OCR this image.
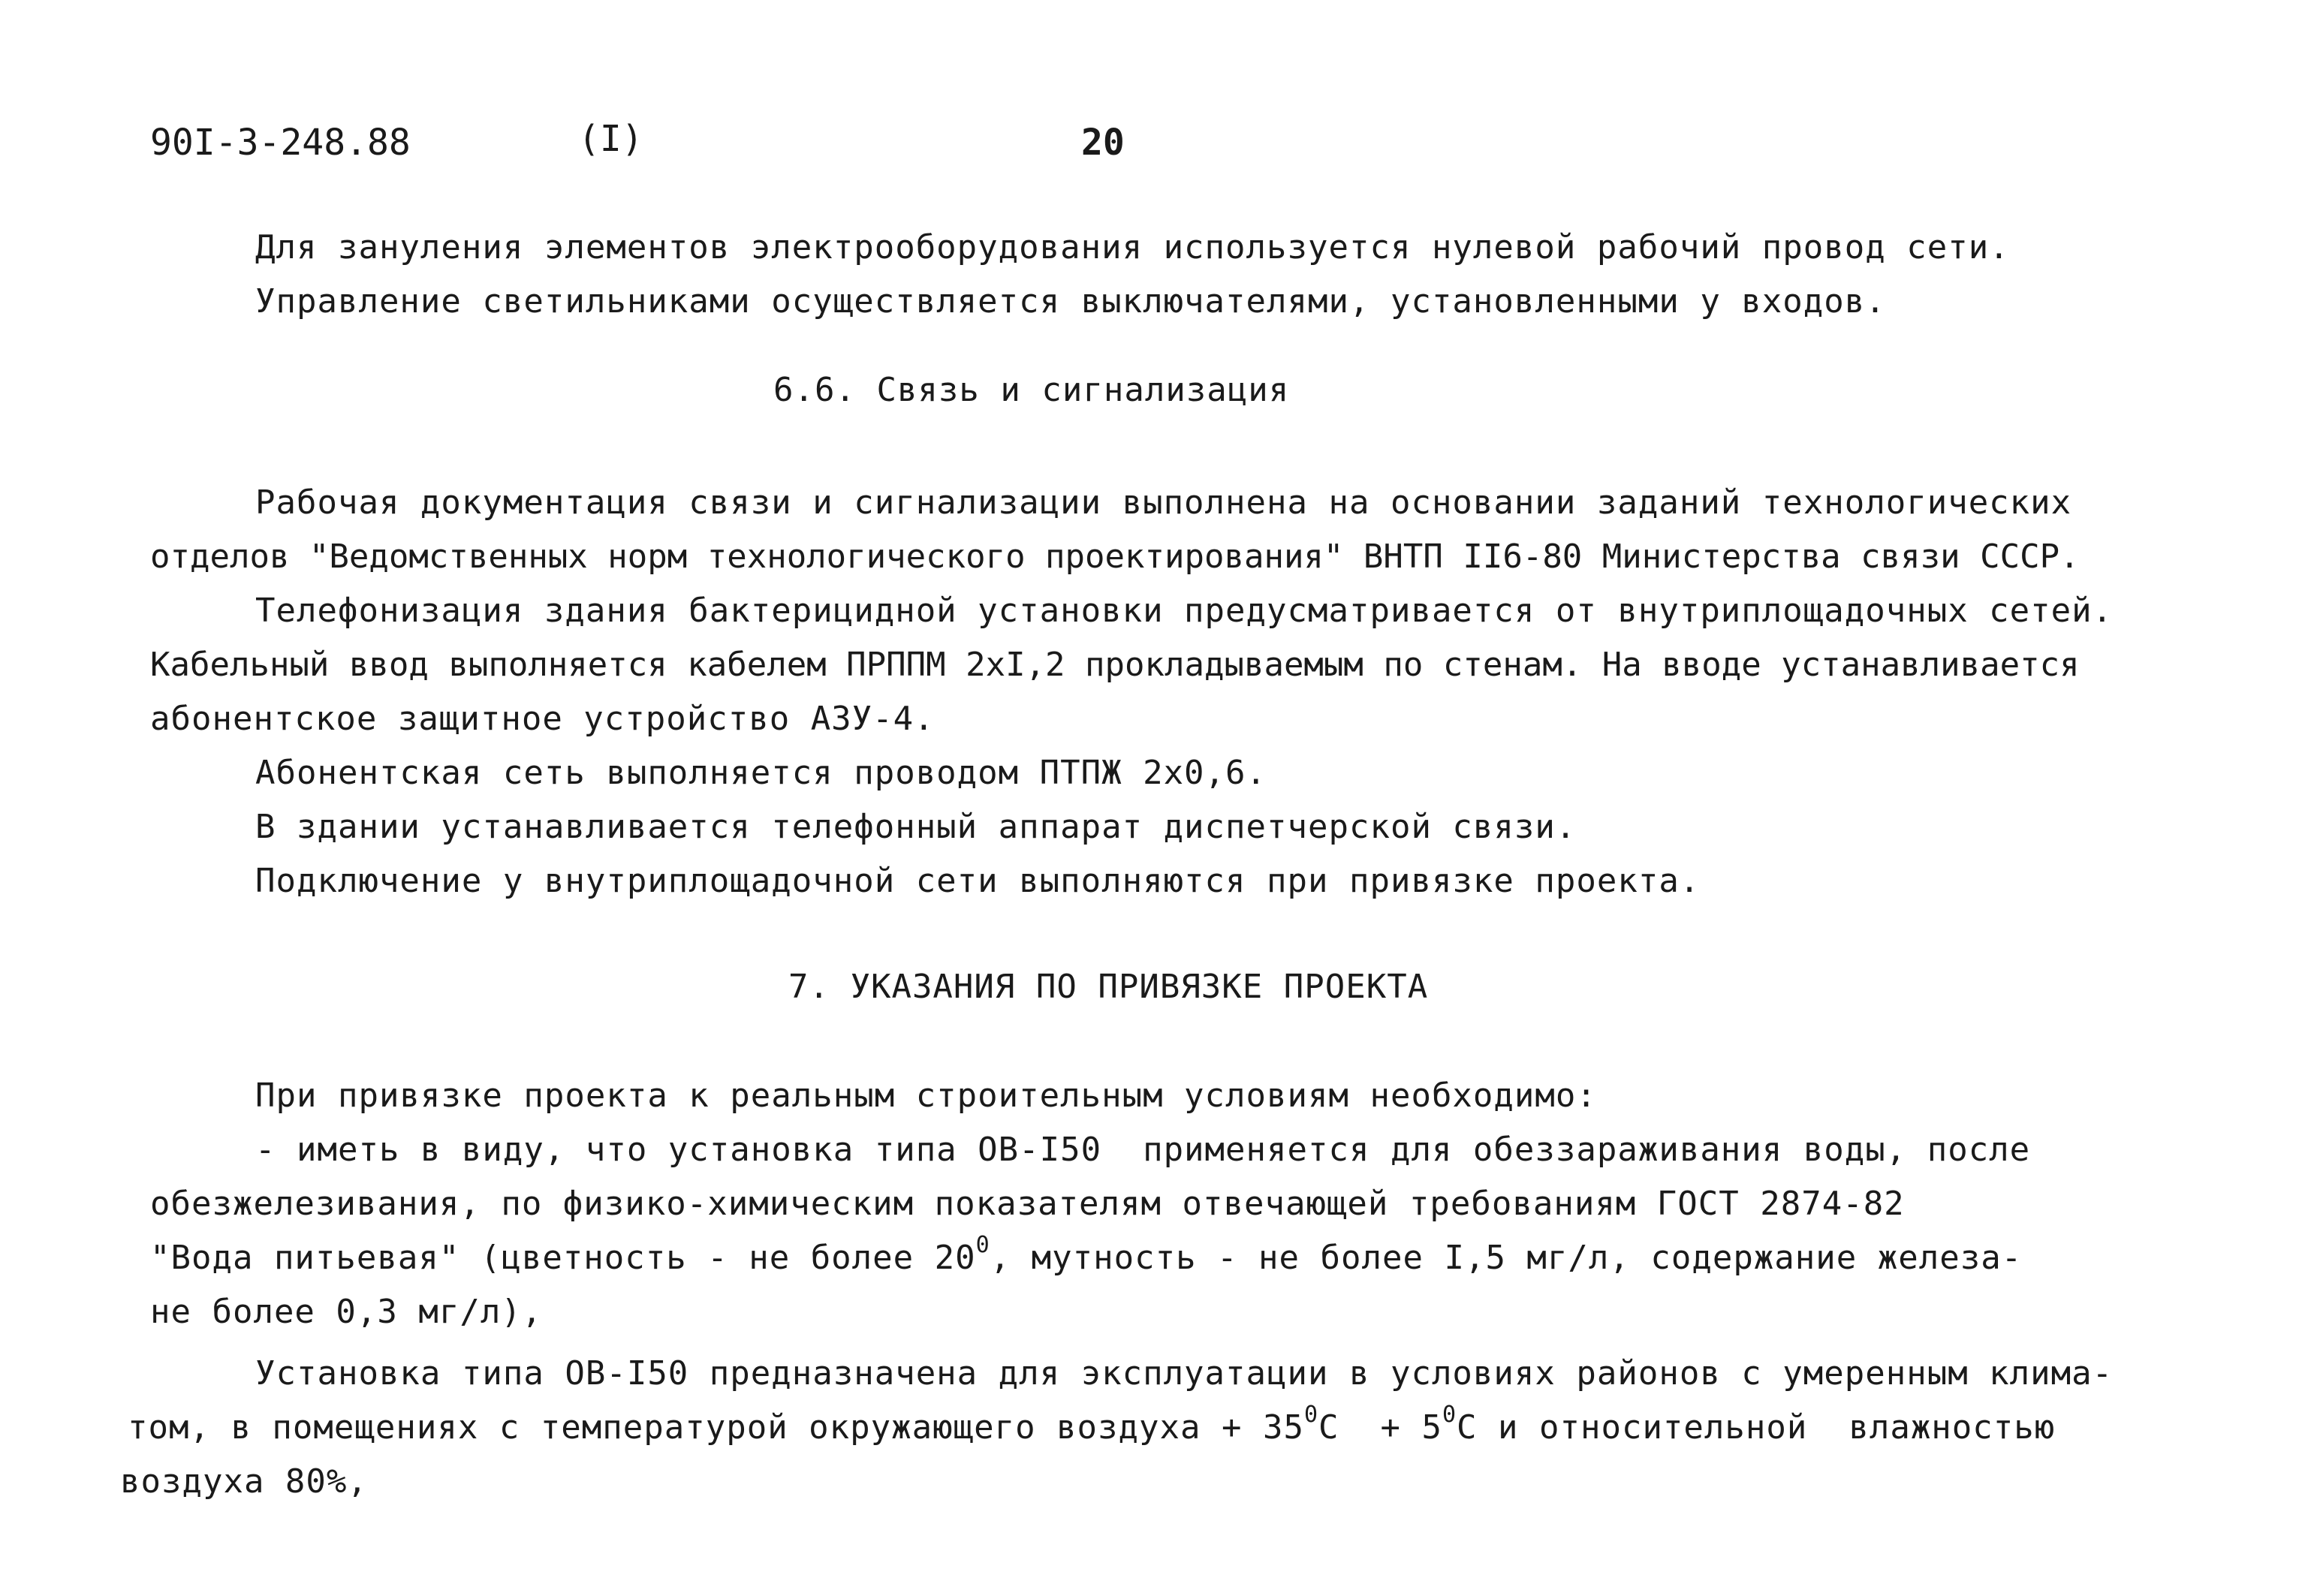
90I-3-248.88	(I)	20
Для зануления элементов электрооборудования используется нулевой рабочий провод сети.
Управление светильниками осуществляется выключателями, установленными у входов.
6.6. Связь и сигнализация
Рабочая документация связи и сигнализации выполнена на основании заданий технологических
отделов "Ведомственных норм технологического проектирования" ВНТП II6-80 Министерства связи СССР.
Телефонизация здания бактерицидной установки предусматривается от внутриплощадочных сетей.
Кабельный ввод выполняется кабелем ПРППМ 2хI,2 прокладываемым по стенам. На вводе устанавливается
абонентское защитное устройство АЗУ-4.
Абонентская сеть выполняется проводом ПТПЖ 2х0,6.
В здании устанавливается телефонный аппарат диспетчерской связи.
Подключение у внутриплощадочной сети выполняются при привязке проекта.
7. УКАЗАНИЯ ПО ПРИВЯЗКЕ ПРОЕКТА
При привязке проекта к реальным строительным условиям необходимо:
- иметь в виду, что установка типа ОВ-I50  применяется для обеззараживания воды, после
обезжелезивания, по физико-химическим показателям отвечающей требованиям ГОСТ 2874-82
"Вода питьевая" (цветность - не более $20^0$, мутность - не более I,5 мг/л, содержание железа-
не более 0,3 мг/л),
Установка типа ОВ-I50 предназначена для эксплуатации в условиях районов с умеренным клима-
том, в помещениях с температурой окружающего воздуха + $35^0С + 5^0С$ и относительной  влажностью
воздуха 80%,
